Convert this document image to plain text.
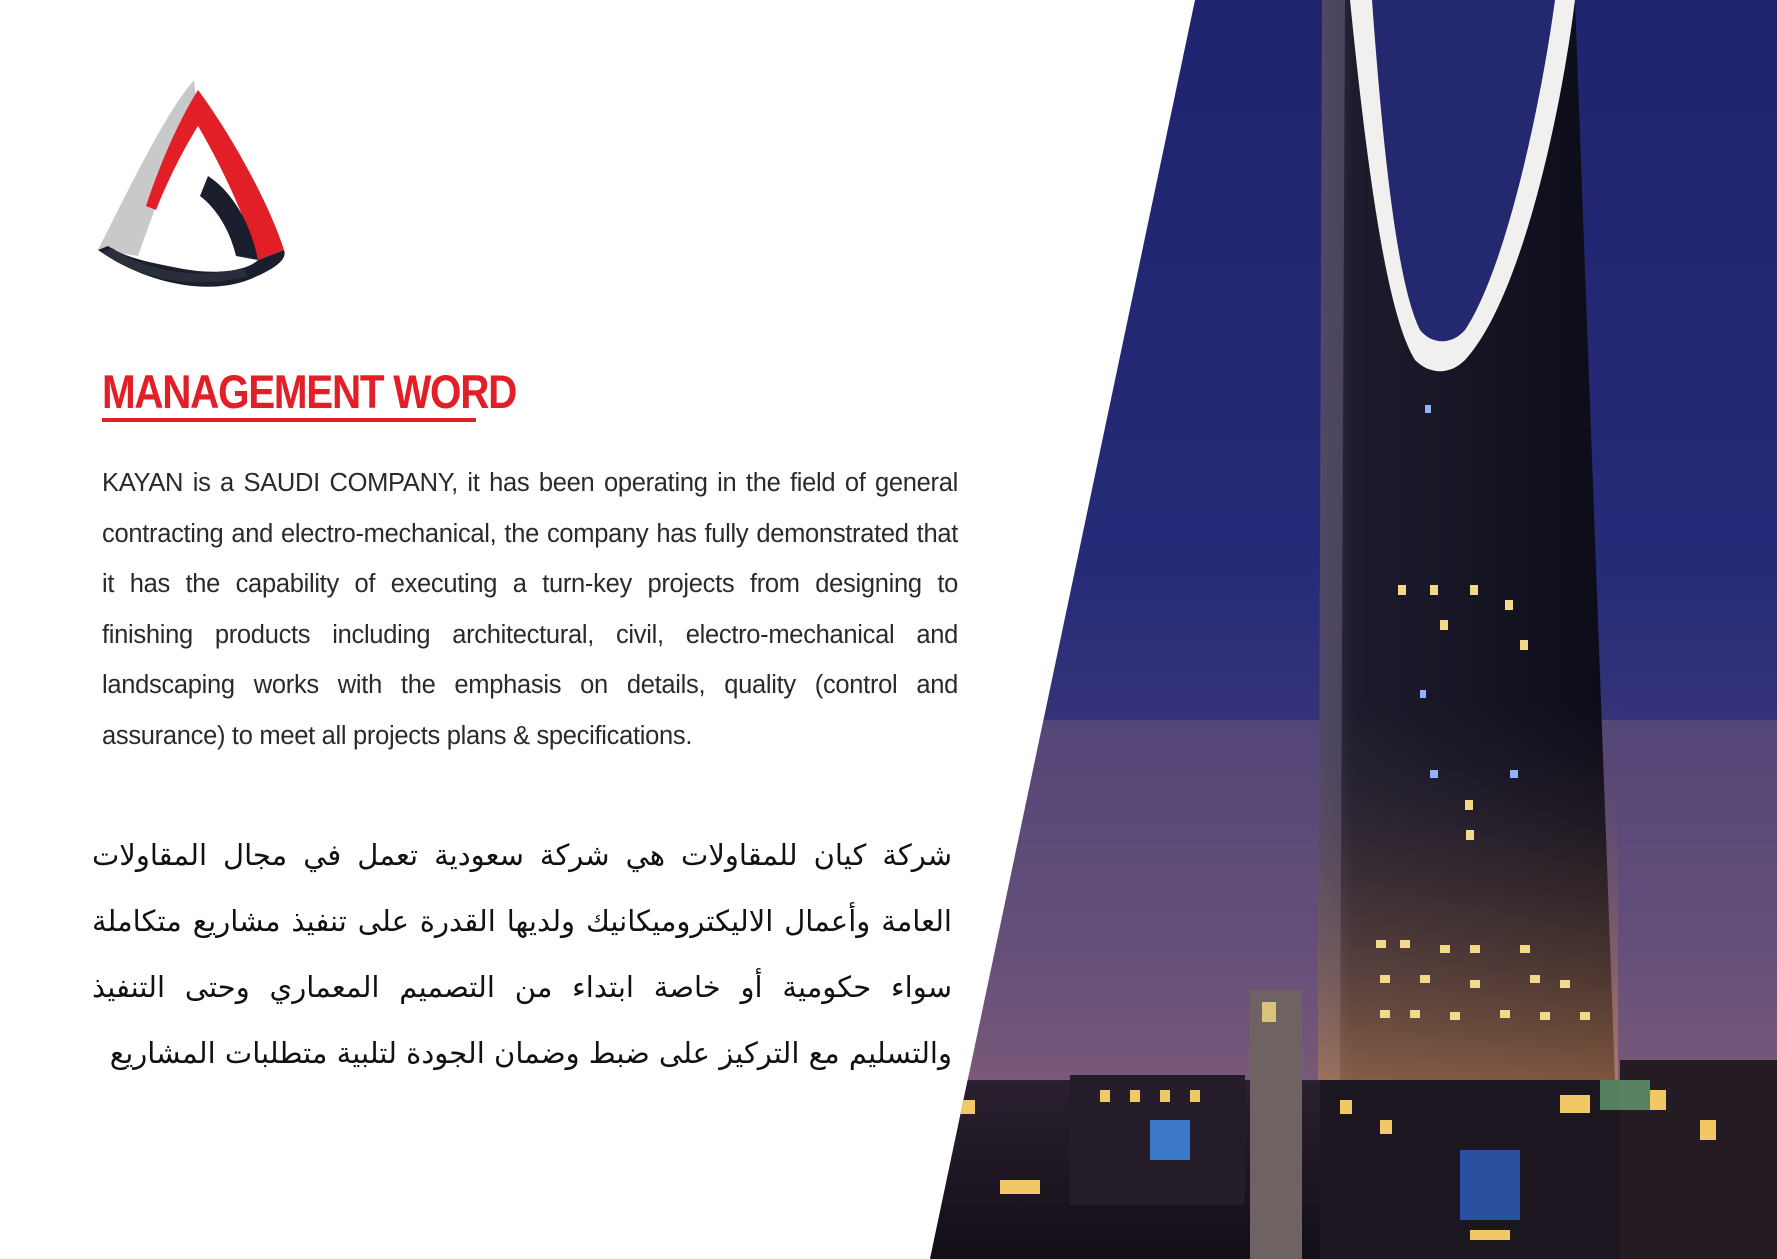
MANAGEMENT WORD

KAYAN is a SAUDI COMPANY, it has been operating in the field of general contracting and electro-mechanical, the company has fully demonstrated that it has the capability of executing a turn-key projects from designing to finishing products including architectural, civil, electro-mechanical and landscaping works with the emphasis on details, quality (control and assurance) to meet all projects plans & specifications.

شركة كيان للمقاولات هي شركة سعودية تعمل في مجال المقاولات العامة وأعمال الاليكتروميكانيك ولديها القدرة على تنفيذ مشاريع متكاملة سواء حكومية أو خاصة ابتداء من التصميم المعماري وحتى التنفيذ والتسليم مع التركيز على ضبط وضمان الجودة لتلبية متطلبات المشاريع
